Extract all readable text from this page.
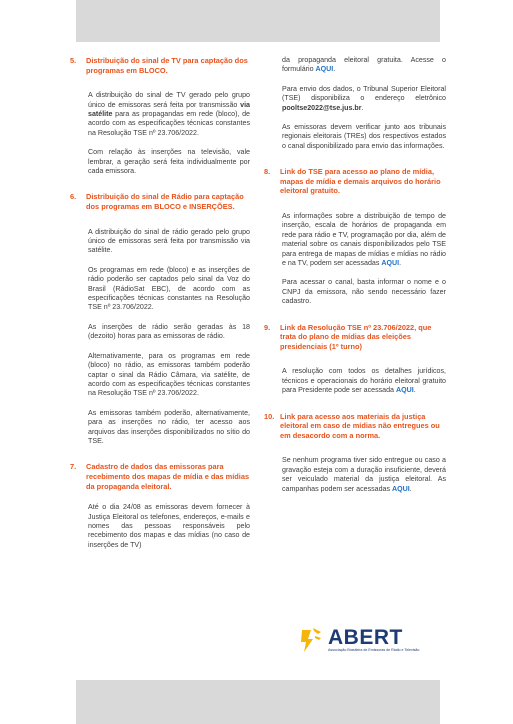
5.	Distribuição do sinal de TV para captação dos programas em BLOCO.

A distribuição do sinal de TV gerado pelo grupo único de emissoras será feita por transmissão via satélite para as propagandas em rede (bloco), de acordo com as especificações técnicas constantes na Resolução TSE nº 23.706/2022.

Com relação às inserções na televisão, vale lembrar, a geração será feita individualmente por cada emissora.

6.	Distribuição do sinal de Rádio para captação dos programas em BLOCO e INSERÇÕES.

A distribuição do sinal de rádio gerado pelo grupo único de emissoras será feita por transmissão via satélite.

Os programas em rede (bloco) e as inserções de rádio poderão ser captados pelo sinal da Voz do Brasil (RádioSat EBC), de acordo com as especificações técnicas constantes na Resolução TSE nº 23.706/2022.

As inserções de rádio serão geradas às 18 (dezoito) horas para as emissoras de rádio.

Alternativamente, para os programas em rede (bloco) no rádio, as emissoras também poderão captar o sinal da Rádio Câmara, via satélite, de acordo com as especificações técnicas constantes na Resolução TSE nº 23.706/2022.

As emissoras também poderão, alternativamente, para as inserções no rádio, ter acesso aos arquivos das inserções disponibilizados no sítio do TSE.

7.	Cadastro de dados das emissoras para recebimento dos mapas de mídia e das mídias da propaganda eleitoral.

Até o dia 24/08 as emissoras devem fornecer à Justiça Eleitoral os telefones, endereços, e-mails e nomes das pessoas responsáveis pelo recebimento dos mapas e das mídias (no caso de inserções de TV)

da propaganda eleitoral gratuita. Acesse o formulário AQUI.

Para envio dos dados, o Tribunal Superior Eleitoral (TSE) disponibiliza o endereço eletrônico pooltse2022@tse.jus.br.

As emissoras devem verificar junto aos tribunais regionais eleitorais (TREs) dos respectivos estados o canal disponibilizado para envio das informações.

8.	Link do TSE para acesso ao plano de mídia, mapas de mídia e demais arquivos do horário eleitoral gratuito.

As informações sobre a distribuição de tempo de inserção, escala de horários de propaganda em rede para rádio e TV, programação por dia, além de material sobre os canais disponibilizados pelo TSE para entrega de mapas de mídias e mídias no rádio e na TV, podem ser acessadas AQUI.

Para acessar o canal, basta informar o nome e o CNPJ da emissora, não sendo necessário fazer cadastro.

9.	Link da Resolução TSE nº 23.706/2022, que trata do plano de mídias das eleições presidenciais (1º turno)

A resolução com todos os detalhes jurídicos, técnicos e operacionais do horário eleitoral gratuito para Presidente pode ser acessada AQUI.

10. Link para acesso aos materiais da justiça eleitoral em caso de mídias não entregues ou em desacordo com a norma.

Se nenhum programa tiver sido entregue ou caso a gravação esteja com a duração insuficiente, deverá ser veiculado material da justiça eleitoral. As campanhas podem ser acessadas AQUI.

ABERT
Associação Brasileira de Emissoras de Rádio e Televisão
